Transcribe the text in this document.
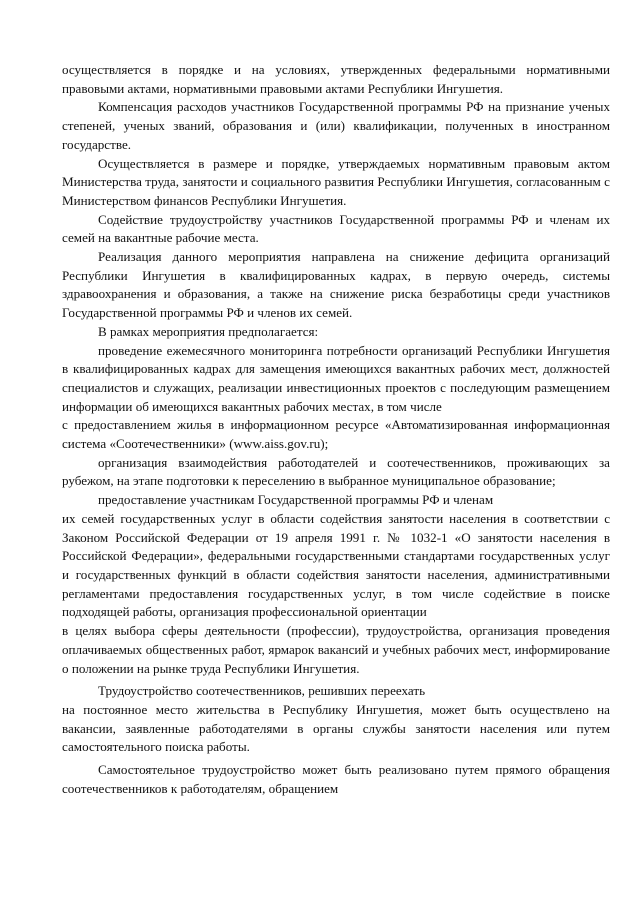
осуществляется в порядке и на условиях, утвержденных федеральными нормативными правовыми актами, нормативными правовыми актами Республики Ингушетия.

Компенсация расходов участников Государственной программы РФ на признание ученых степеней, ученых званий, образования и (или) квалификации, полученных в иностранном государстве.

Осуществляется в размере и порядке, утверждаемых нормативным правовым актом Министерства труда, занятости и социального развития Республики Ингушетия, согласованным с Министерством финансов Республики Ингушетия.

Содействие трудоустройству участников Государственной программы РФ и членам их семей на вакантные рабочие места.

Реализация данного мероприятия направлена на снижение дефицита организаций Республики Ингушетия в квалифицированных кадрах, в первую очередь, системы здравоохранения и образования, а также на снижение риска безработицы среди участников Государственной программы РФ и членов их семей.

В рамках мероприятия предполагается:

проведение ежемесячного мониторинга потребности организаций Республики Ингушетия в квалифицированных кадрах для замещения имеющихся вакантных рабочих мест, должностей специалистов и служащих, реализации инвестиционных проектов с последующим размещением информации об имеющихся вакантных рабочих местах, в том числе

с предоставлением жилья в информационном ресурсе «Автоматизированная информационная система «Соотечественники» (www.aiss.gov.ru);

организация взаимодействия работодателей и соотечественников, проживающих за рубежом, на этапе подготовки к переселению в выбранное муниципальное образование;

предоставление участникам Государственной программы РФ и членам

их семей государственных услуг в области содействия занятости населения в соответствии с Законом Российской Федерации от 19 апреля 1991 г. № 1032-1 «О занятости населения в Российской Федерации», федеральными государственными стандартами государственных услуг и государственных функций в области содействия занятости населения, административными регламентами предоставления государственных услуг, в том числе содействие в поиске подходящей работы, организация профессиональной ориентации

в целях выбора сферы деятельности (профессии), трудоустройства, организация проведения оплачиваемых общественных работ, ярмарок вакансий и учебных рабочих мест, информирование о положении на рынке труда Республики Ингушетия.

Трудоустройство соотечественников, решивших переехать

на постоянное место жительства в Республику Ингушетия, может быть осуществлено на вакансии, заявленные работодателями в органы службы занятости населения или путем самостоятельного поиска работы.

Самостоятельное трудоустройство может быть реализовано путем прямого обращения соотечественников к работодателям, обращением
